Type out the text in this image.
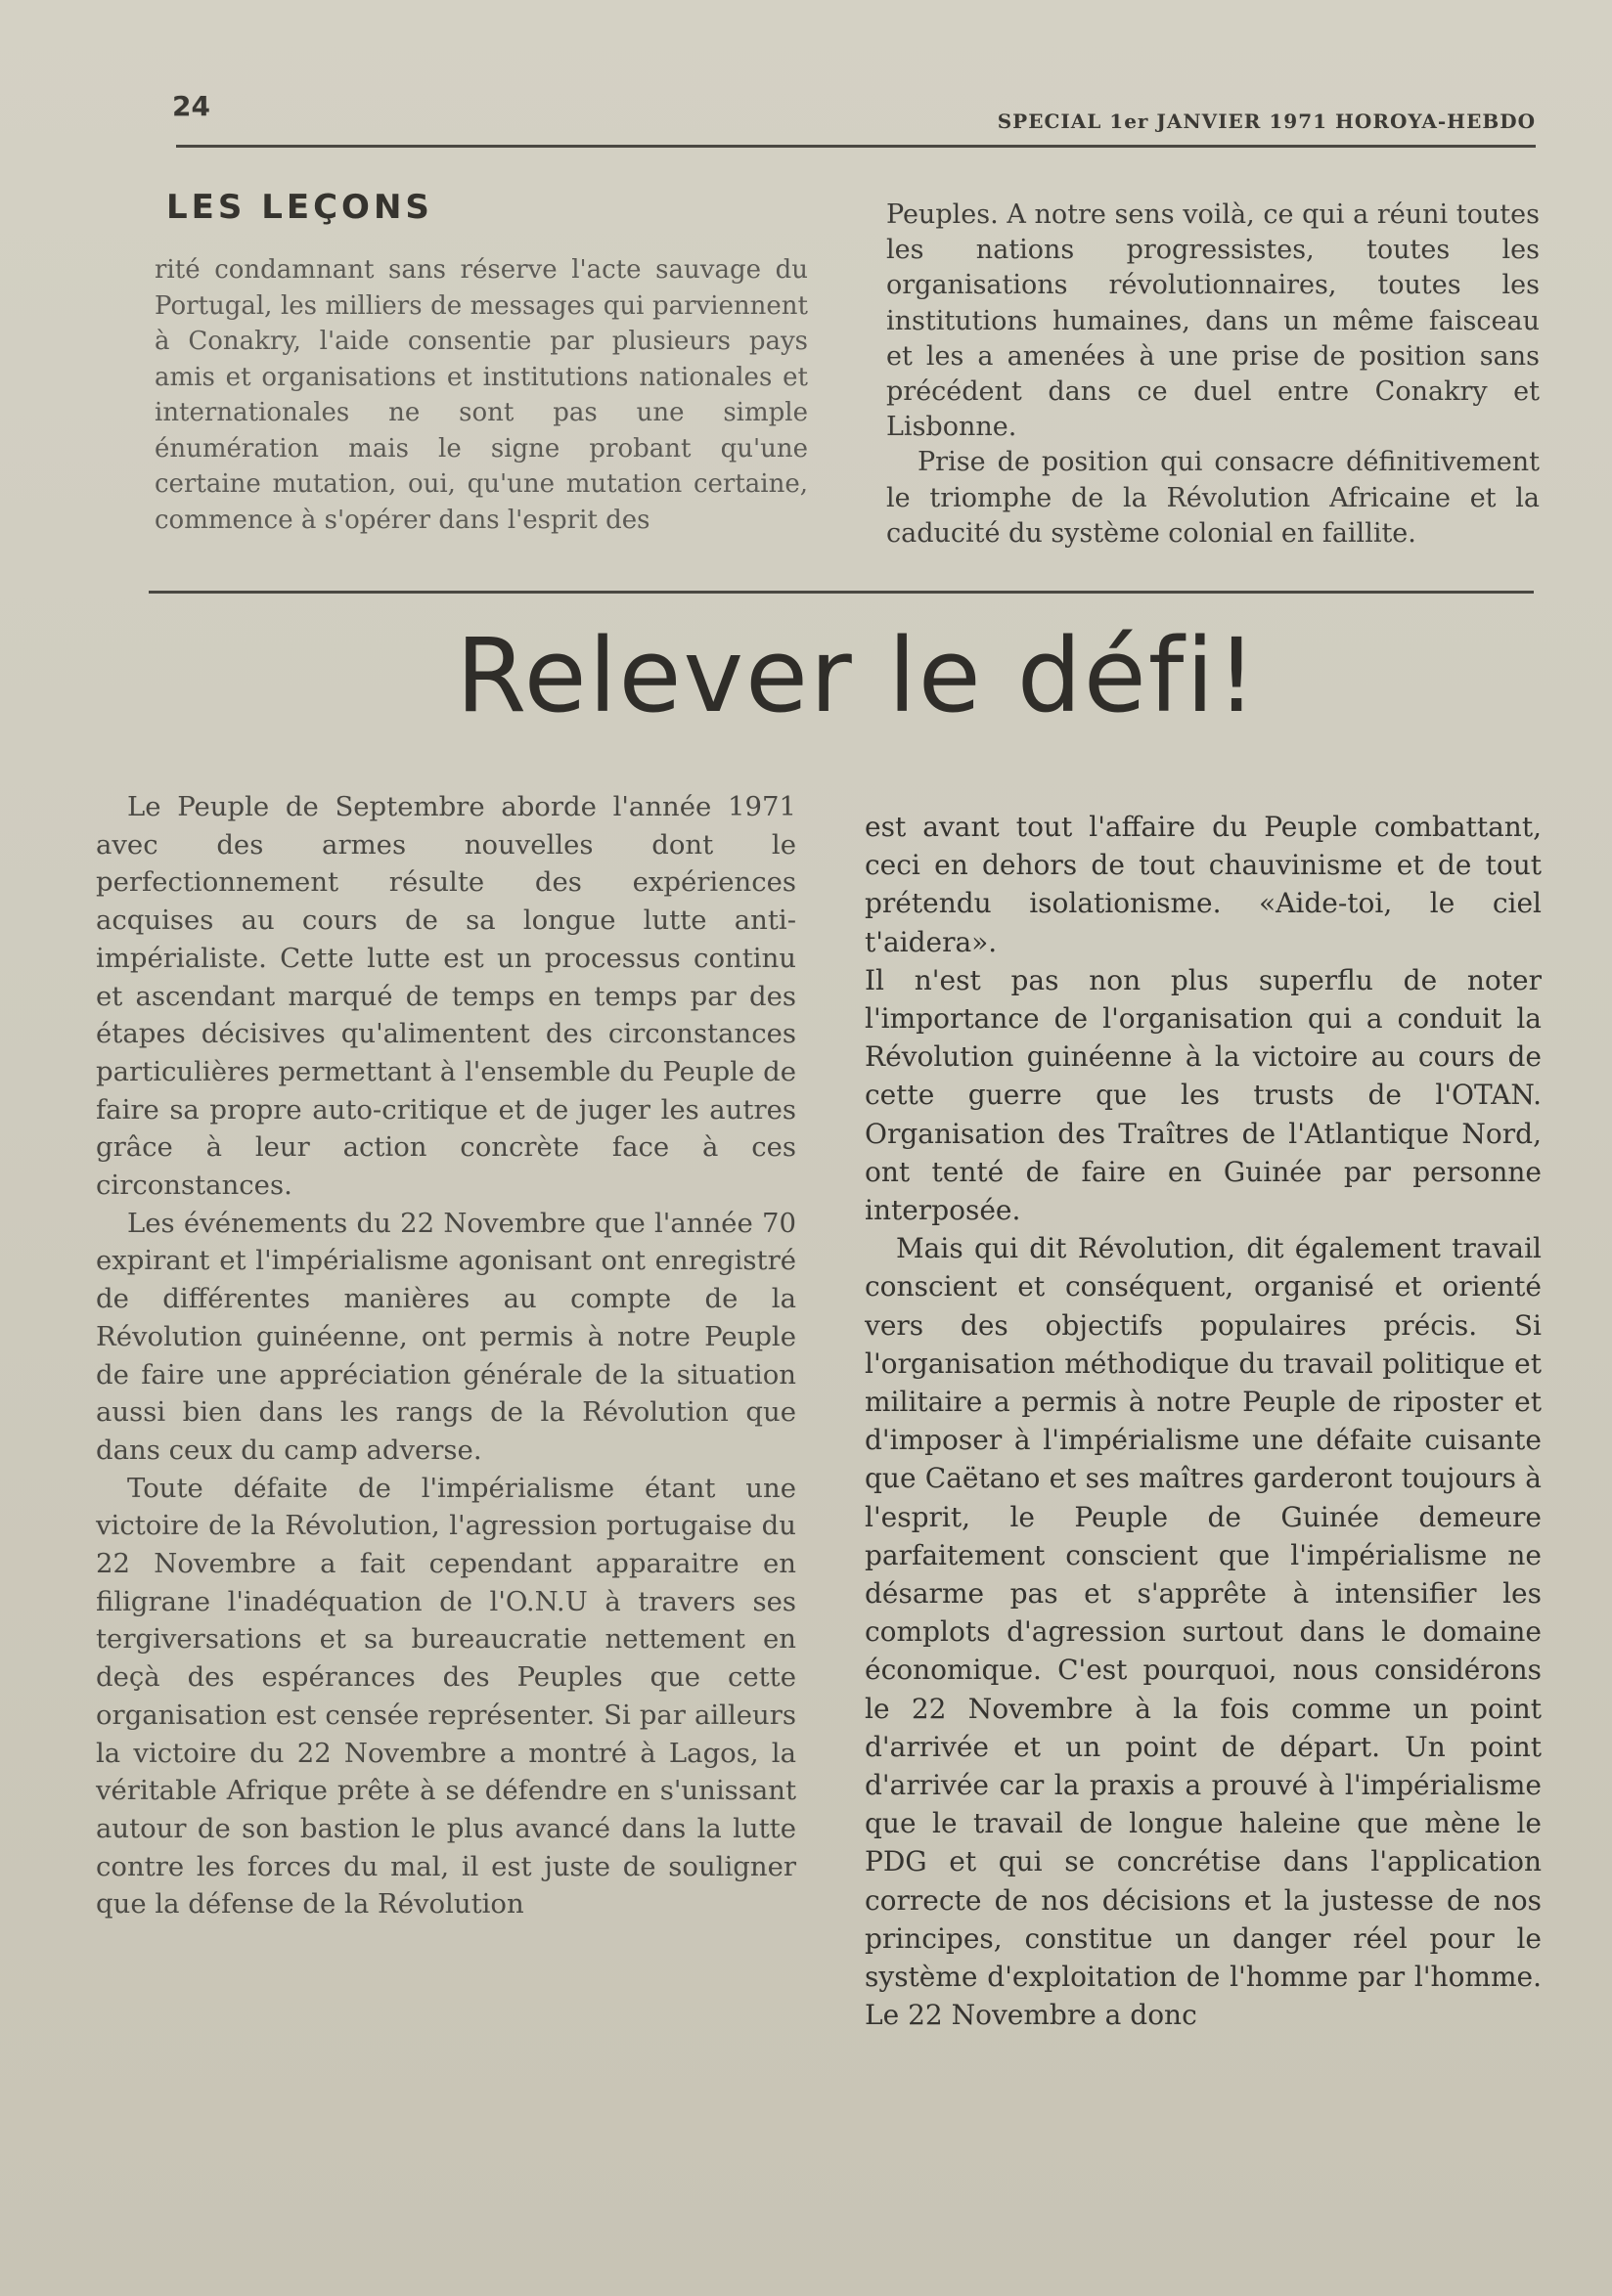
24	SPECIAL 1er JANVIER 1971 HOROYA-HEBDO
LES LEÇONS

rité condamnant sans réserve l'acte sauvage du Portugal, les milliers de messages qui parviennent à Conakry, l'aide consentie par plusieurs pays amis et organisations et institutions nationales et internationales ne sont pas une simple énumération mais le signe probant qu'une certaine mutation, oui, qu'une mutation certaine, commence à s'opérer dans l'esprit des

Peuples. A notre sens voilà, ce qui a réuni toutes les nations progressistes, toutes les organisations révolutionnaires, toutes les institutions humaines, dans un même faisceau et les a amenées à une prise de position sans précédent dans ce duel entre Conakry et Lisbonne.

Prise de position qui consacre définitivement le triomphe de la Révolution Africaine et la caducité du système colonial en faillite.

Relever le défi!

Le Peuple de Septembre aborde l'année 1971 avec des armes nouvelles dont le perfectionnement résulte des expériences acquises au cours de sa longue lutte anti-impérialiste. Cette lutte est un processus continu et ascendant marqué de temps en temps par des étapes décisives qu'alimentent des circonstances particulières permettant à l'ensemble du Peuple de faire sa propre auto-critique et de juger les autres grâce à leur action concrète face à ces circonstances.

Les événements du 22 Novembre que l'année 70 expirant et l'impérialisme agonisant ont enregistré de différentes manières au compte de la Révolution guinéenne, ont permis à notre Peuple de faire une appréciation générale de la situation aussi bien dans les rangs de la Révolution que dans ceux du camp adverse.

Toute défaite de l'impérialisme étant une victoire de la Révolution, l'agression portugaise du 22 Novembre a fait cependant apparaitre en filigrane l'inadéquation de l'O.N.U à travers ses tergiversations et sa bureaucratie nettement en deçà des espérances des Peuples que cette organisation est censée représenter. Si par ailleurs la victoire du 22 Novembre a montré à Lagos, la véritable Afrique prête à se défendre en s'unissant autour de son bastion le plus avancé dans la lutte contre les forces du mal, il est juste de souligner que la défense de la Révolution

est avant tout l'affaire du Peuple combattant, ceci en dehors de tout chauvinisme et de tout prétendu isolationisme. «Aide-toi, le ciel t'aidera».

Il n'est pas non plus superflu de noter l'importance de l'organisation qui a conduit la Révolution guinéenne à la victoire au cours de cette guerre que les trusts de l'OTAN. Organisation des Traîtres de l'Atlantique Nord, ont tenté de faire en Guinée par personne interposée.

Mais qui dit Révolution, dit également travail conscient et conséquent, organisé et orienté vers des objectifs populaires précis. Si l'organisation méthodique du travail politique et militaire a permis à notre Peuple de riposter et d'imposer à l'impérialisme une défaite cuisante que Caëtano et ses maîtres garderont toujours à l'esprit, le Peuple de Guinée demeure parfaitement conscient que l'impérialisme ne désarme pas et s'apprête à intensifier les complots d'agression surtout dans le domaine économique. C'est pourquoi, nous considérons le 22 Novembre à la fois comme un point d'arrivée et un point de départ. Un point d'arrivée car la praxis a prouvé à l'impérialisme que le travail de longue haleine que mène le PDG et qui se concrétise dans l'application correcte de nos décisions et la justesse de nos principes, constitue un danger réel pour le système d'exploitation de l'homme par l'homme. Le 22 Novembre a donc
